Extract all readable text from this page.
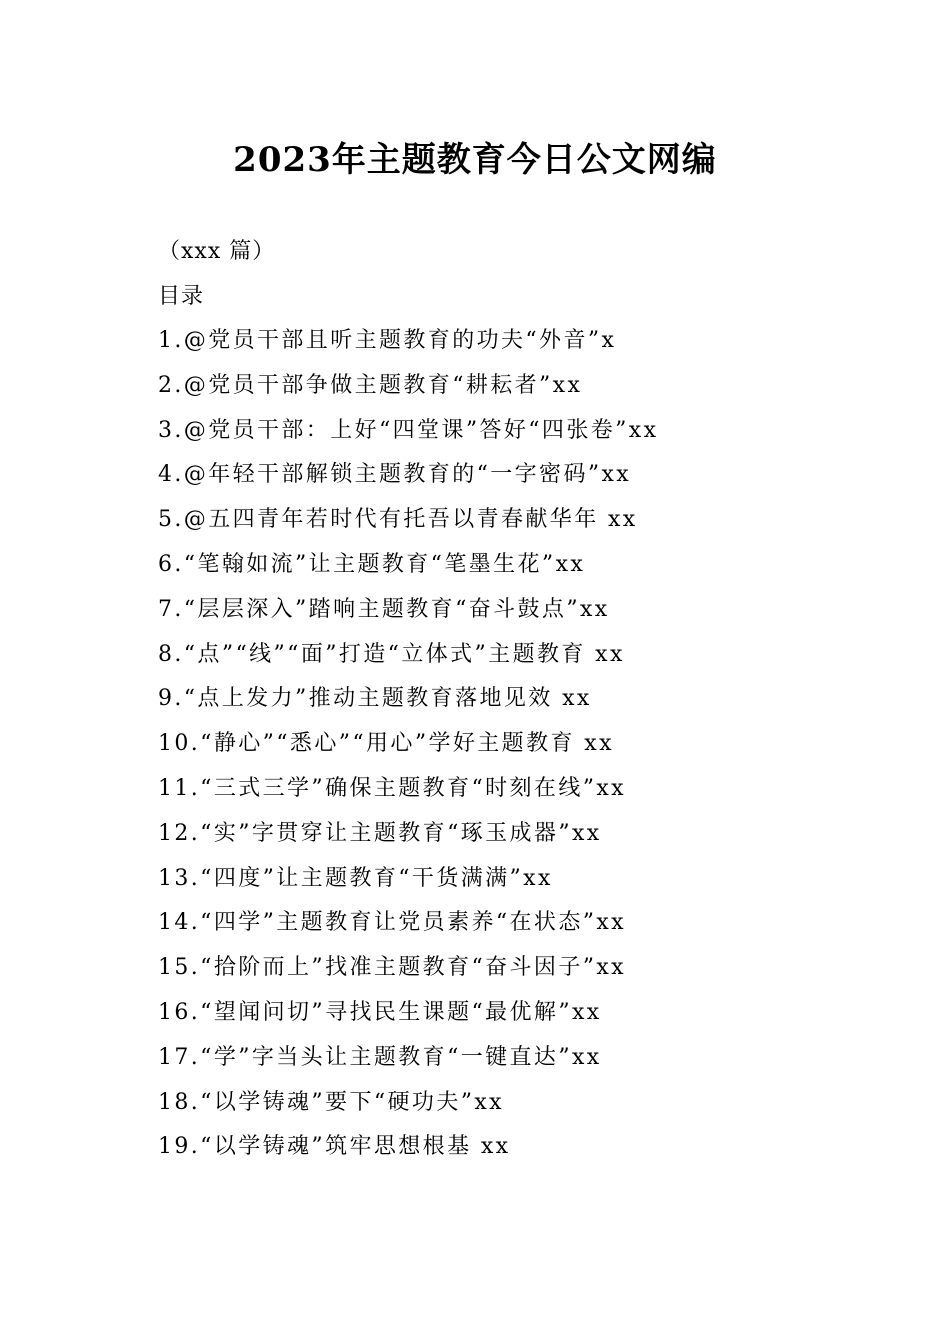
2023年主题教育今日公文网编
（xxx 篇）
目录
1.@党员干部且听主题教育的功夫“外音”x
2.@党员干部争做主题教育“耕耘者”xx
3.@党员干部：上好“四堂课”答好“四张卷”xx
4.@年轻干部解锁主题教育的“一字密码”xx
5.@五四青年若时代有托吾以青春献华年 xx
6.“笔翰如流”让主题教育“笔墨生花”xx
7.“层层深入”踏响主题教育“奋斗鼓点”xx
8.“点”“线”“面”打造“立体式”主题教育 xx
9.“点上发力”推动主题教育落地见效 xx
10.“静心”“悉心”“用心”学好主题教育 xx
11.“三式三学”确保主题教育“时刻在线”xx
12.“实”字贯穿让主题教育“琢玉成器”xx
13.“四度”让主题教育“干货满满”xx
14.“四学”主题教育让党员素养“在状态”xx
15.“拾阶而上”找准主题教育“奋斗因子”xx
16.“望闻问切”寻找民生课题“最优解”xx
17.“学”字当头让主题教育“一键直达”xx
18.“以学铸魂”要下“硬功夫”xx
19.“以学铸魂”筑牢思想根基 xx
